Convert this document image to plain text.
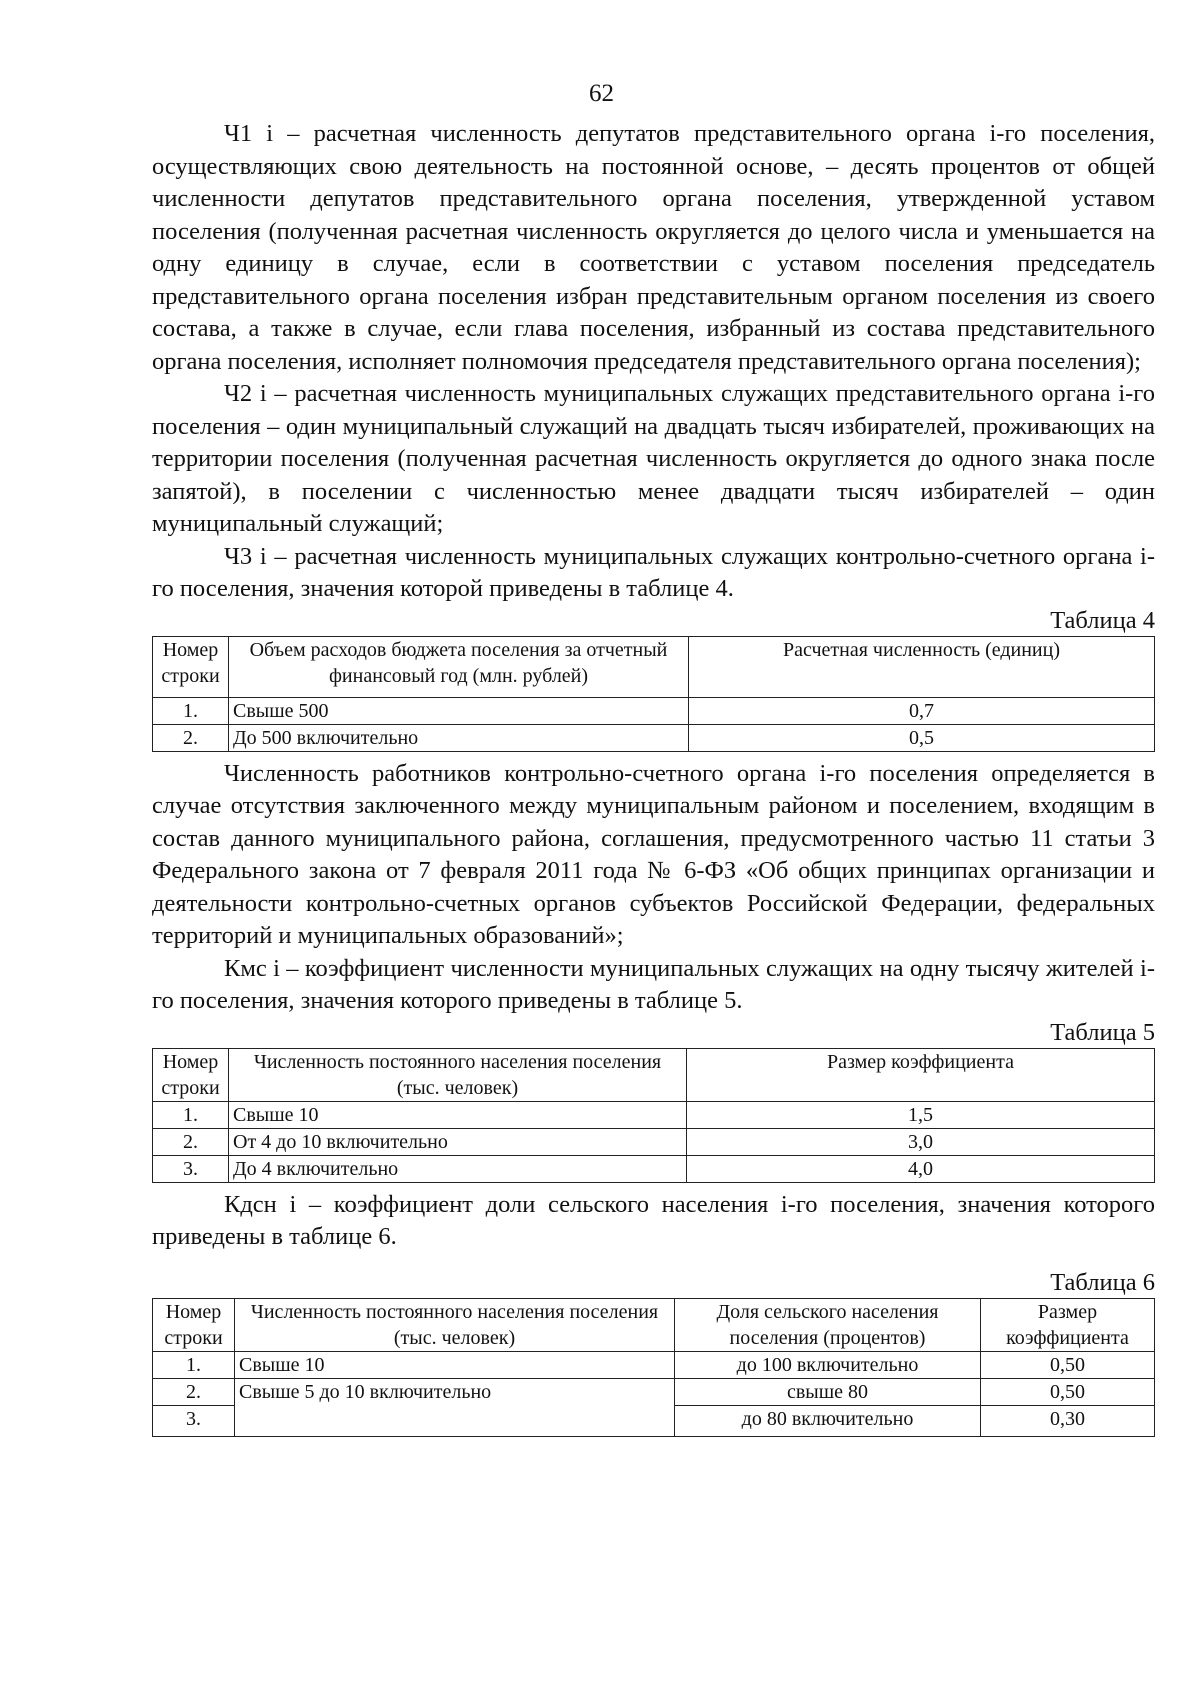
62

Ч1 i – расчетная численность депутатов представительного органа i-го поселения, осуществляющих свою деятельность на постоянной основе, – десять процентов от общей численности депутатов представительного органа поселения, утвержденной уставом поселения (полученная расчетная численность округляется до целого числа и уменьшается на одну единицу в случае, если в соответствии с уставом поселения председатель представительного органа поселения избран представительным органом поселения из своего состава, а также в случае, если глава поселения, избранный из состава представительного органа поселения, исполняет полномочия председателя представительного органа поселения);

Ч2 i – расчетная численность муниципальных служащих представительного органа i-го поселения – один муниципальный служащий на двадцать тысяч избирателей, проживающих на территории поселения (полученная расчетная численность округляется до одного знака после запятой), в поселении с численностью менее двадцати тысяч избирателей – один муниципальный служащий;

Ч3 i – расчетная численность муниципальных служащих контрольно-счетного органа i-го поселения, значения которой приведены в таблице 4.

Таблица 4
Номер строки	Объем расходов бюджета поселения за отчетный финансовый год (млн. рублей)	Расчетная численность (единиц)
1.	Свыше 500	0,7
2.	До 500 включительно	0,5

Численность работников контрольно-счетного органа i-го поселения определяется в случае отсутствия заключенного между муниципальным районом и поселением, входящим в состав данного муниципального района, соглашения, предусмотренного частью 11 статьи 3 Федерального закона от 7 февраля 2011 года № 6-ФЗ «Об общих принципах организации и деятельности контрольно-счетных органов субъектов Российской Федерации, федеральных территорий и муниципальных образований»;

Кмс i – коэффициент численности муниципальных служащих на одну тысячу жителей i-го поселения, значения которого приведены в таблице 5.

Таблица 5
Номер строки	Численность постоянного населения поселения (тыс. человек)	Размер коэффициента
1.	Свыше 10	1,5
2.	От 4 до 10 включительно	3,0
3.	До 4 включительно	4,0

Кдсн i – коэффициент доли сельского населения i-го поселения, значения которого приведены в таблице 6.

Таблица 6
Номер строки	Численность постоянного населения поселения (тыс. человек)	Доля сельского населения поселения (процентов)	Размер коэффициента
1.	Свыше 10	до 100 включительно	0,50
2.	Свыше 5 до 10 включительно	свыше 80	0,50
3.		до 80 включительно	0,30
